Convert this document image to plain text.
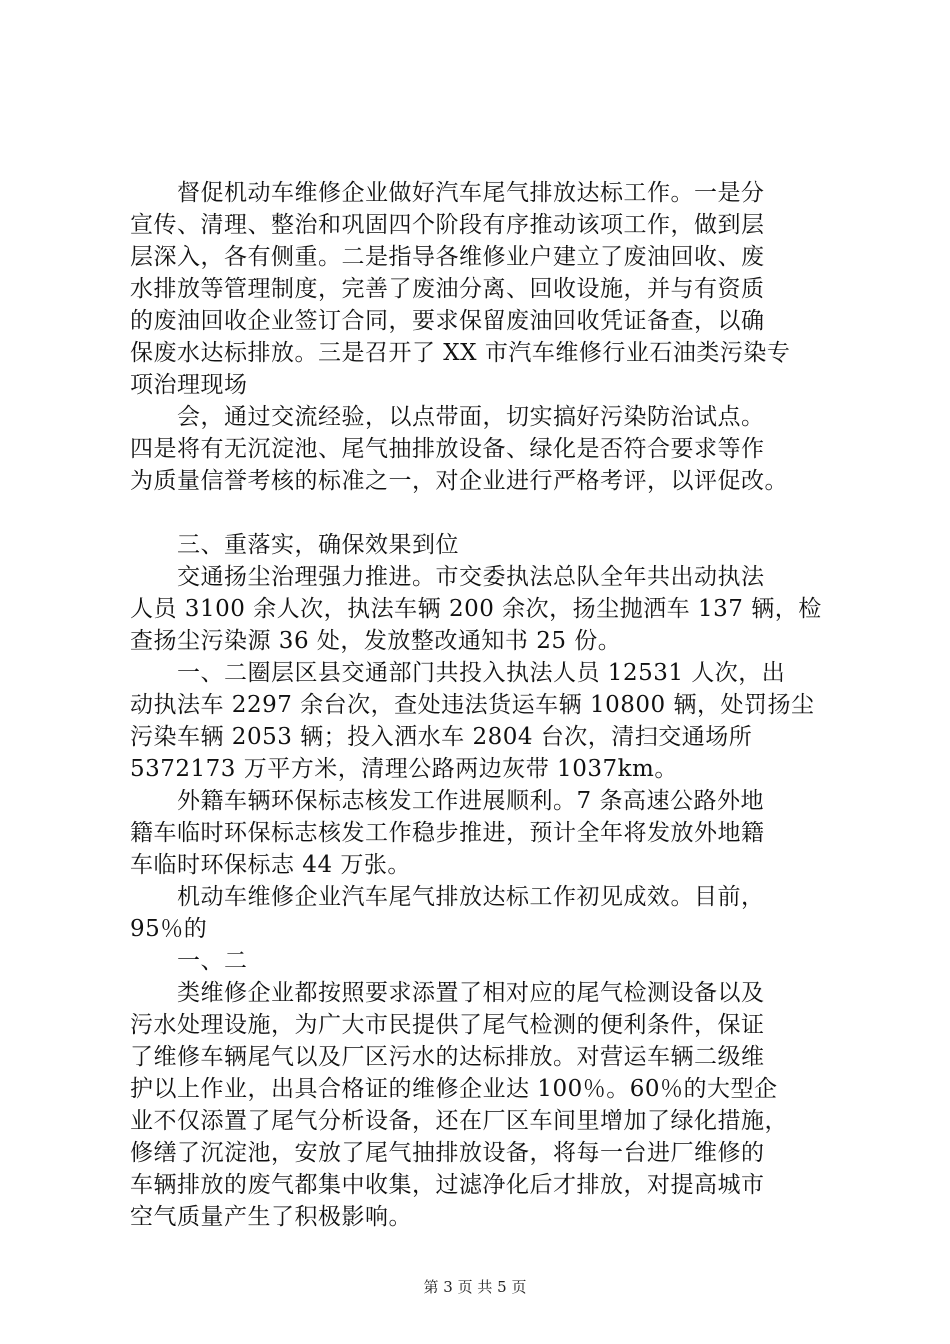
　　督促机动车维修企业做好汽车尾气排放达标工作。一是分
宣传、清理、整治和巩固四个阶段有序推动该项工作，做到层
层深入，各有侧重。二是指导各维修业户建立了废油回收、废
水排放等管理制度，完善了废油分离、回收设施，并与有资质
的废油回收企业签订合同，要求保留废油回收凭证备查，以确
保废水达标排放。三是召开了 XX 市汽车维修行业石油类污染专
项治理现场
　　会，通过交流经验，以点带面，切实搞好污染防治试点。
四是将有无沉淀池、尾气抽排放设备、绿化是否符合要求等作
为质量信誉考核的标准之一，对企业进行严格考评，以评促改。
　　三、重落实，确保效果到位
　　交通扬尘治理强力推进。市交委执法总队全年共出动执法
人员 3100 余人次，执法车辆 200 余次，扬尘抛洒车 137 辆，检
查扬尘污染源 36 处，发放整改通知书 25 份。
　　一、二圈层区县交通部门共投入执法人员 12531 人次，出
动执法车 2297 余台次，查处违法货运车辆 10800 辆，处罚扬尘
污染车辆 2053 辆；投入洒水车 2804 台次，清扫交通场所
5372173 万平方米，清理公路两边灰带 1037km。
　　外籍车辆环保标志核发工作进展顺利。7 条高速公路外地
籍车临时环保标志核发工作稳步推进，预计全年将发放外地籍
车临时环保标志 44 万张。
　　机动车维修企业汽车尾气排放达标工作初见成效。目前，
95％的
　　一、二
　　类维修企业都按照要求添置了相对应的尾气检测设备以及
污水处理设施，为广大市民提供了尾气检测的便利条件，保证
了维修车辆尾气以及厂区污水的达标排放。对营运车辆二级维
护以上作业，出具合格证的维修企业达 100％。60％的大型企
业不仅添置了尾气分析设备，还在厂区车间里增加了绿化措施，
修缮了沉淀池，安放了尾气抽排放设备，将每一台进厂维修的
车辆排放的废气都集中收集，过滤净化后才排放，对提高城市
空气质量产生了积极影响。
第 3 页 共 5 页
